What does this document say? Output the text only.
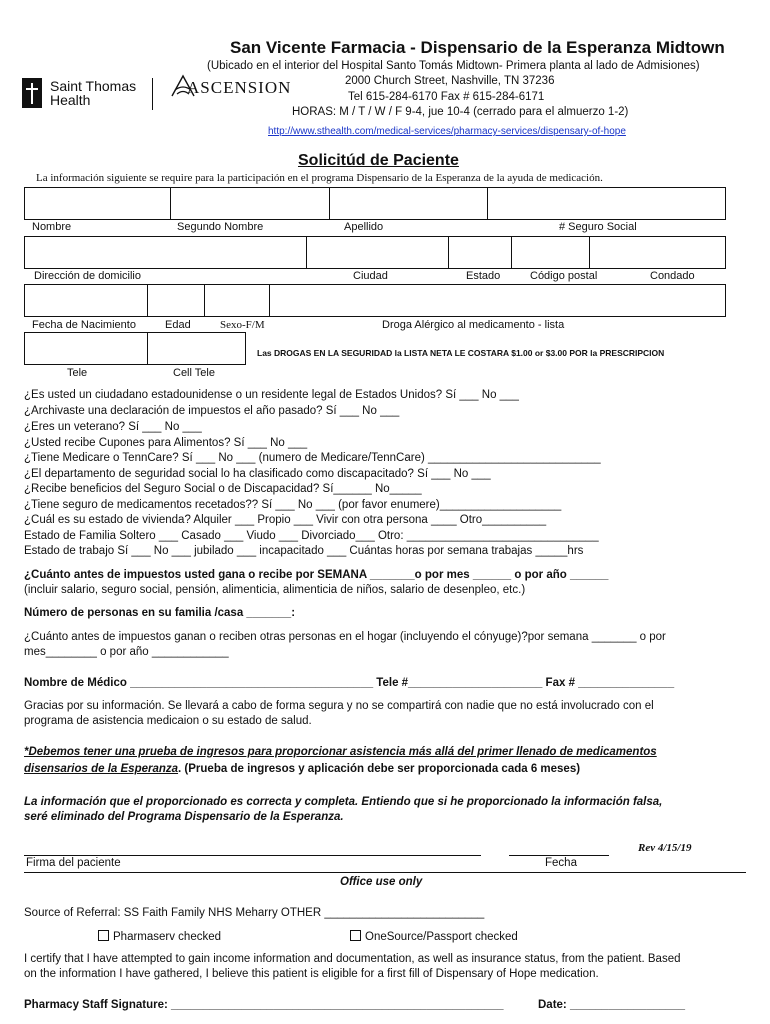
San Vicente Farmacia - Dispensario de la Esperanza Midtown
(Ubicado en el interior del Hospital Santo Tomás Midtown- Primera planta al lado de Admisiones)
2000 Church Street, Nashville, TN 37236
Tel 615-284-6170 Fax # 615-284-6171
HORAS: M / T / W / F 9-4, jue 10-4 (cerrado para el almuerzo 1-2)
http://www.sthealth.com/medical-services/pharmacy-services/dispensary-of-hope
Saint Thomas
Health
ASCENSION
Solicitúd de Paciente
La información siguiente se require para la participación en el programa Dispensario de la Esperanza de la ayuda de medicación.
Nombre	Segundo Nombre	Apellido	# Seguro Social
Dirección de domicilio	Ciudad	Estado	Código postal	Condado
Fecha de Nacimiento	Edad	Sexo-F/M	Droga Alérgico al medicamento - lista
Las DROGAS EN LA SEGURIDAD la LISTA NETA LE COSTARA $1.00 or $3.00 POR la PRESCRIPCION
Tele	Cell Tele
¿Es usted un ciudadano estadounidense o un residente legal de Estados Unidos? Sí ___ No ___
¿Archivaste una declaración de impuestos el año pasado? Sí ___ No ___
¿Eres un veterano? Sí ___ No ___
¿Usted recibe Cupones para Alimentos? Sí ___ No ___
¿Tiene Medicare o TennCare? Sí ___ No ___ (numero de Medicare/TennCare) ___________________________
¿El departamento de seguridad social lo ha clasificado como discapacitado? Sí ___ No ___
¿Recibe beneficios del Seguro Social o de Discapacidad? Sí______ No_____
¿Tiene seguro de medicamentos recetados?? Sí ___ No ___ (por favor enumere)___________________
¿Cuál es su estado de vivienda? Alquiler ___ Propio ___ Vivir con otra persona ____ Otro__________
Estado de Familia Soltero ___ Casado ___ Viudo ___ Divorciado___ Otro: ______________________________
Estado de trabajo Sí ___ No ___ jubilado ___ incapacitado ___ Cuántas horas por semana trabajas _____hrs
¿Cuánto antes de impuestos usted gana o recibe por SEMANA _______o por mes ______ o por año ______
(incluir salario, seguro social, pensión, alimenticia, alimenticia de niños, salario de desenpleo, etc.)
Número de personas en su familia /casa _______:
¿Cuánto antes de impuestos ganan o reciben otras personas en el hogar (incluyendo el cónyuge)?por semana _______ o por
mes________ o por año ____________
Nombre de Médico ______________________________________ Tele #_____________________ Fax # _______________
Gracias por su información. Se llevará a cabo de forma segura y no se compartirá con nadie que no está involucrado con el
programa de asistencia medicaion o su estado de salud.
*Debemos tener una prueba de ingresos para proporcionar asistencia más allá del primer llenado de medicamentos
disensarios de la Esperanza. (Prueba de ingresos y aplicación debe ser proporcionada cada 6 meses)
La información que el proporcionado es correcta y completa. Entiendo que si he proporcionado la información falsa,
seré eliminado del Programa Dispensario de la Esperanza.
Rev 4/15/19
Firma del paciente	Fecha
Office use only
Source of Referral: SS Faith Family NHS Meharry OTHER _________________________
Pharmaserv checked	OneSource/Passport checked
I certify that I have attempted to gain income information and documentation, as well as insurance status, from the patient. Based
on the information I have gathered, I believe this patient is eligible for a first fill of Dispensary of Hope medication.
Pharmacy Staff Signature: ____________________________________________________	Date: __________________
